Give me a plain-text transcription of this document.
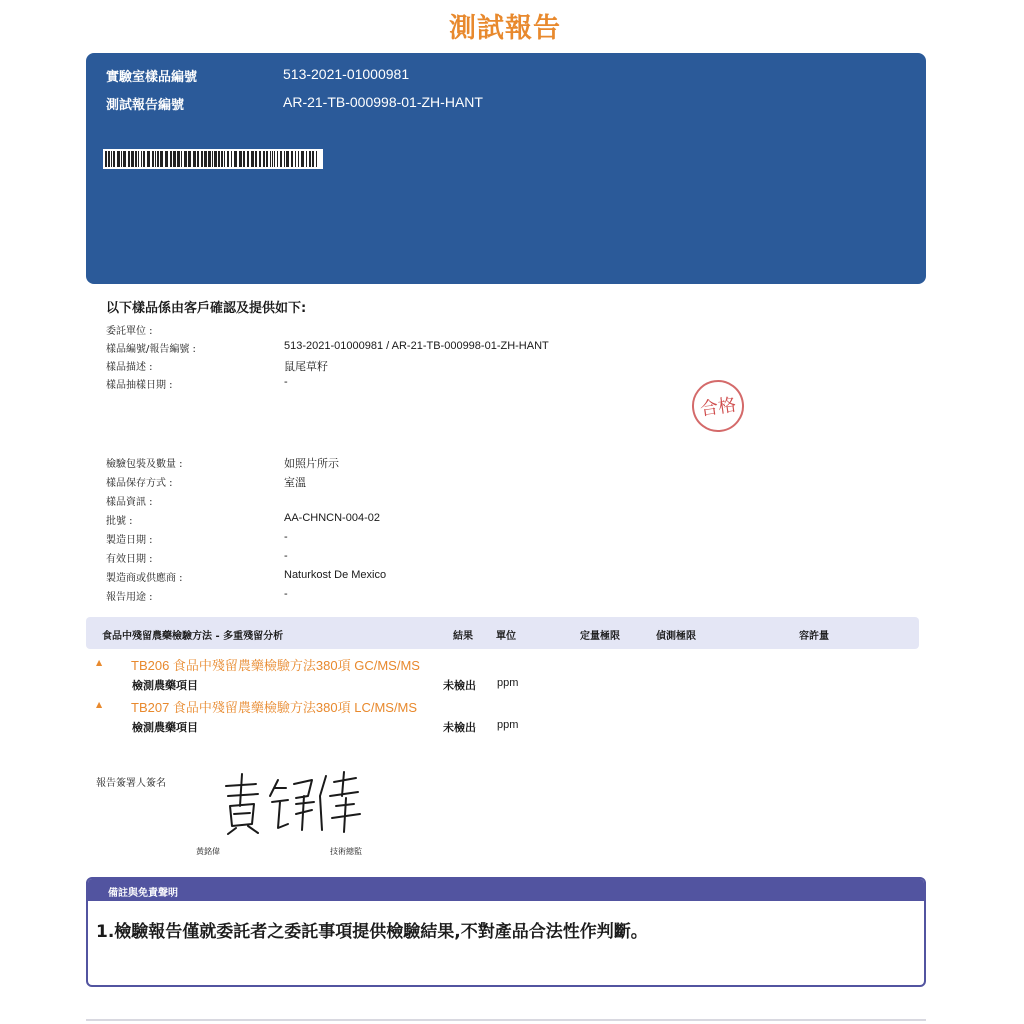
測試報告
實驗室樣品編號	513-2021-01000981
測試報告編號	AR-21-TB-000998-01-ZH-HANT
以下樣品係由客戶確認及提供如下:
委託單位 :
樣品編號/報告編號 :	513-2021-01000981 / AR-21-TB-000998-01-ZH-HANT
樣品描述 :	鼠尾草籽
樣品抽樣日期 :	-
合格
檢驗包裝及數量 :	如照片所示
樣品保存方式 :	室溫
樣品資訊 :
批號 :	AA-CHNCN-004-02
製造日期 :	-
有效日期 :	-
製造商或供應商 :	Naturkost De Mexico
報告用途 :	-
食品中殘留農藥檢驗方法 - 多重殘留分析	結果 單位	定量極限	偵測極限	容許量
▲ TB206 食品中殘留農藥檢驗方法380項 GC/MS/MS
檢測農藥項目	未檢出 ppm
▲ TB207 食品中殘留農藥檢驗方法380項 LC/MS/MS
檢測農藥項目	未檢出 ppm
報告簽署人簽名
黃銘偉	技術總監
備註與免責聲明
1.檢驗報告僅就委託者之委託事項提供檢驗結果,不對產品合法性作判斷。
